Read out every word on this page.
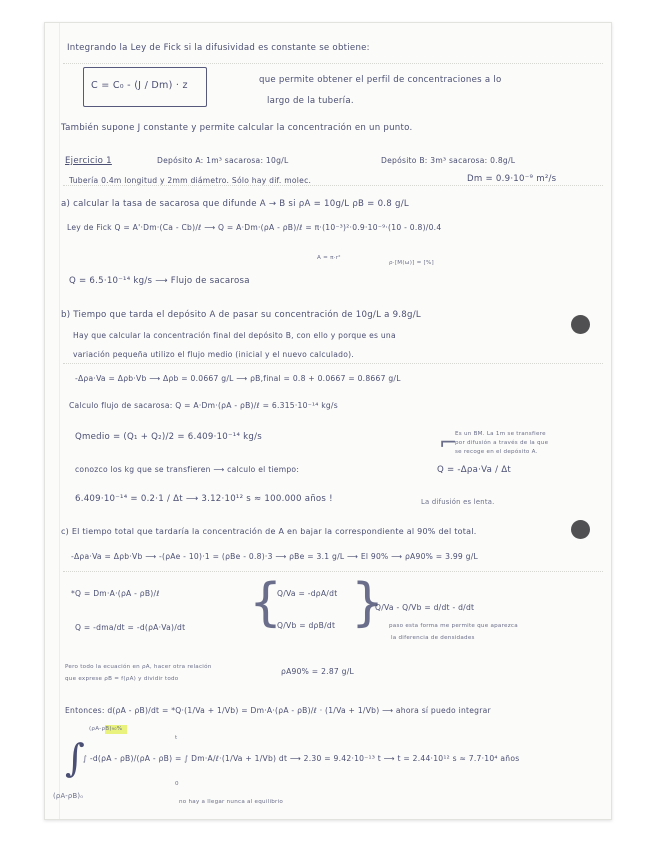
Integrando la Ley de Fick si la difusividad es constante se obtiene:
C = C₀ - (J / Dm) · z	que permite obtener el perfil de concentraciones a lo
largo de la tubería.
También supone J constante y permite calcular la concentración en un punto.
Ejercicio 1	Depósito A: 1m³ sacarosa: 10g/L	Depósito B: 3m³ sacarosa: 0.8g/L
Tubería 0.4m longitud y 2mm diámetro. Sólo hay dif. molec.	Dm = 0.9·10⁻⁹ m²/s
a) calcular la tasa de sacarosa que difunde A → B si ρA = 10g/L ρB = 0.8 g/L
Ley de Fick Q = A'·Dm·(Ca - Cb)/ℓ ⟶ Q = A·Dm·(ρA - ρB)/ℓ = π·(10⁻³)²·0.9·10⁻⁹·(10 - 0.8)/0.4
A = π·r²
ρ·[M(ω)] = [%]
Q = 6.5·10⁻¹⁴ kg/s ⟶ Flujo de sacarosa
b) Tiempo que tarda el depósito A de pasar su concentración de 10g/L a 9.8g/L
Hay que calcular la concentración final del depósito B, con ello y porque es una
variación pequeña utilizo el flujo medio (inicial y el nuevo calculado).
-Δρa·Va = Δρb·Vb ⟶ Δρb = 0.0667 g/L ⟶ ρB,final = 0.8 + 0.0667 = 0.8667 g/L
Calculo flujo de sacarosa: Q = A·Dm·(ρA - ρB)/ℓ = 6.315·10⁻¹⁴ kg/s
Qmedio = (Q₁ + Q₂)/2 = 6.409·10⁻¹⁴ kg/s	⌐
Es un BM. La 1m se transfiere
por difusión a través de la que
se recoge en el depósito A.
conozco los kg que se transfieren ⟶ calculo el tiempo:	Q = -Δρa·Va / Δt
6.409·10⁻¹⁴ = 0.2·1 / Δt ⟶ 3.12·10¹² s ≈ 100.000 años !	La difusión es lenta.
c) El tiempo total que tardaría la concentración de A en bajar la correspondiente al 90% del total.
-Δρa·Va = Δρb·Vb ⟶ -(ρAe - 10)·1 = (ρBe - 0.8)·3 ⟶ ρBe = 3.1 g/L ⟶ El 90% ⟶ ρA90% = 3.99 g/L
*Q = Dm·A·(ρA - ρB)/ℓ
Q = -dma/dt = -d(ρA·Va)/dt {
Q/Va = -dρA/dt
Q/Vb = dρB/dt }
Q/Va - Q/Vb = d/dt - d/dt
paso esta forma me permite que aparezca
la diferencia de densidades
Pero todo la ecuación en ρA, hacer otra relación
que exprese ρB = f(ρA) y dividir todo
ρA90% = 2.87 g/L
Entonces: d(ρA - ρB)/dt = *Q·(1/Va + 1/Vb) = Dm·A·(ρA - ρB)/ℓ · (1/Va + 1/Vb) ⟶ ahora sí puedo integrar
(ρA-ρB)₉₀%
∫	t
∫ -d(ρA - ρB)/(ρA - ρB) = ∫ Dm·A/ℓ·(1/Va + 1/Vb) dt ⟶ 2.30 = 9.42·10⁻¹³ t ⟶ t = 2.44·10¹² s ≈ 7.7·10⁴ años
0
(ρA-ρB)₀
no hay a llegar nunca al equilibrio
